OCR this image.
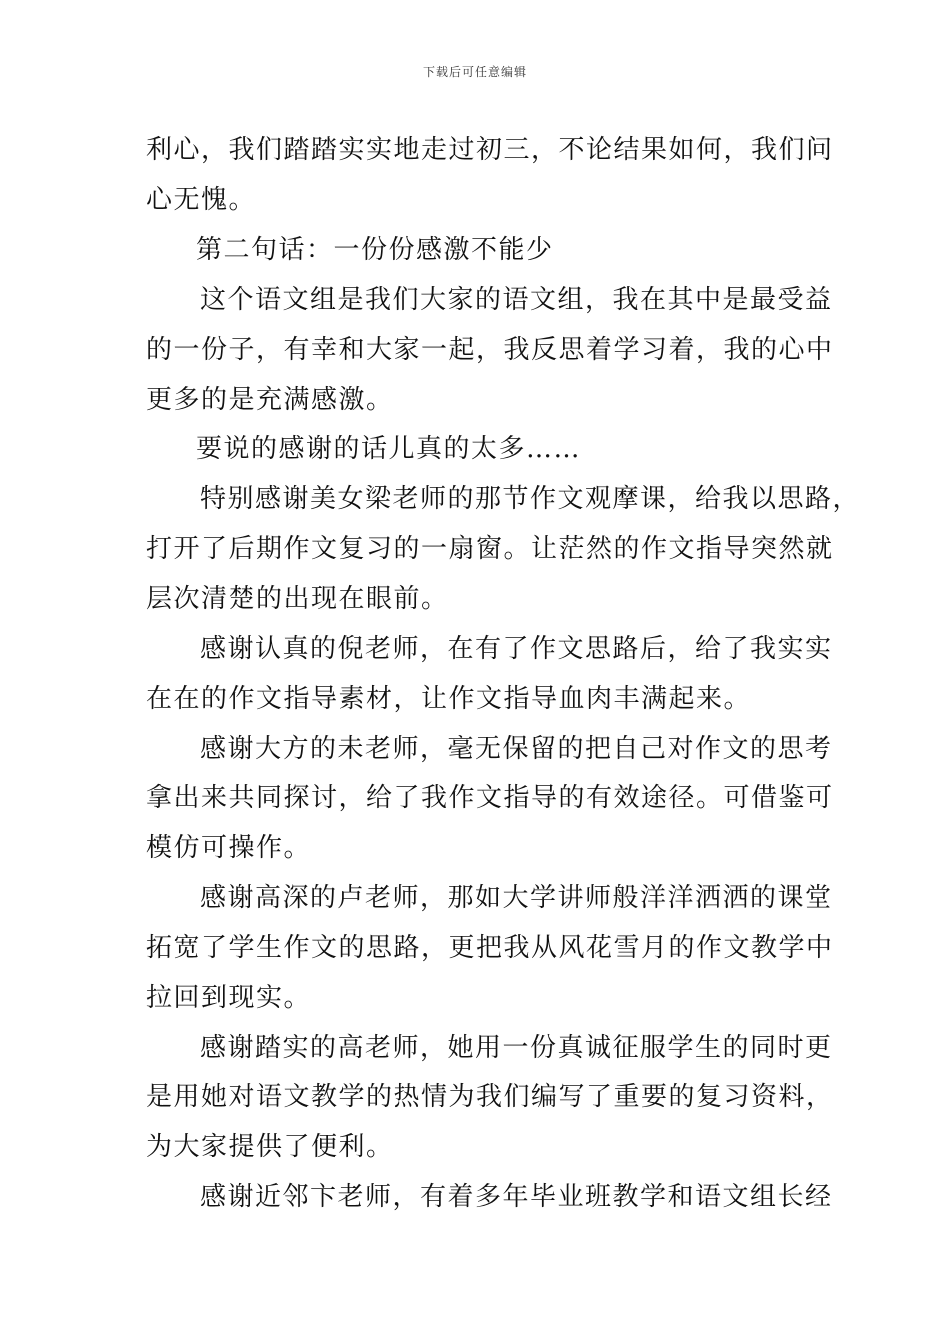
下载后可任意编辑
利心，我们踏踏实实地走过初三，不论结果如何，我们问
心无愧。
第二句话：一份份感激不能少
这个语文组是我们大家的语文组，我在其中是最受益
的一份子，有幸和大家一起，我反思着学习着，我的心中
更多的是充满感激。
要说的感谢的话儿真的太多……
特别感谢美女梁老师的那节作文观摩课，给我以思路，
打开了后期作文复习的一扇窗。让茫然的作文指导突然就
层次清楚的出现在眼前。
感谢认真的倪老师，在有了作文思路后，给了我实实
在在的作文指导素材，让作文指导血肉丰满起来。
感谢大方的未老师，毫无保留的把自己对作文的思考
拿出来共同探讨，给了我作文指导的有效途径。可借鉴可
模仿可操作。
感谢高深的卢老师，那如大学讲师般洋洋洒洒的课堂
拓宽了学生作文的思路，更把我从风花雪月的作文教学中
拉回到现实。
感谢踏实的高老师，她用一份真诚征服学生的同时更
是用她对语文教学的热情为我们编写了重要的复习资料，
为大家提供了便利。
感谢近邻卞老师，有着多年毕业班教学和语文组长经
